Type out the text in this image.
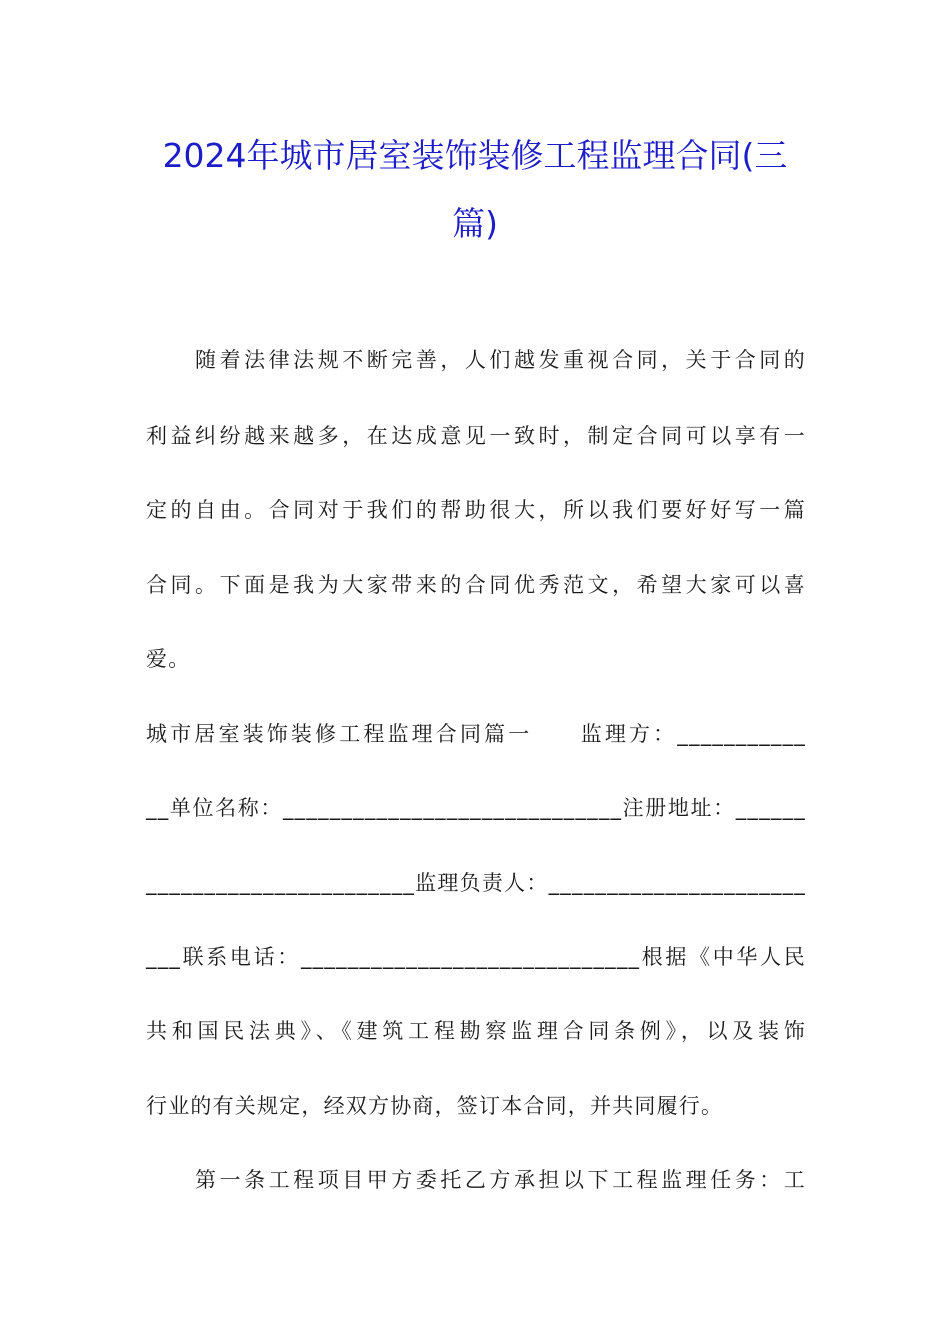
2024年城市居室装饰装修工程监理合同(三
篇)
　　随着法律法规不断完善，人们越发重视合同，关于合同的
利益纠纷越来越多，在达成意见一致时，制定合同可以享有一
定的自由。合同对于我们的帮助很大，所以我们要好好写一篇
合同。下面是我为大家带来的合同优秀范文，希望大家可以喜
爱。
城市居室装饰装修工程监理合同篇一　　监理方：___________
__单位名称：_____________________________注册地址：______
_______________________监理负责人：______________________
___联系电话：_____________________________根据《中华人民
共和国民法典》、《建筑工程勘察监理合同条例》，以及装饰
行业的有关规定，经双方协商，签订本合同，并共同履行。
　　第一条工程项目甲方委托乙方承担以下工程监理任务：工
